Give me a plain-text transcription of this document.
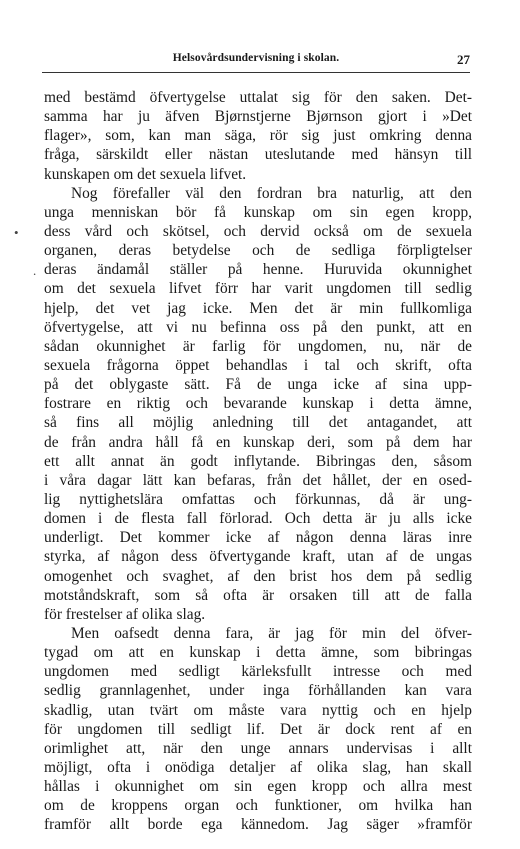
Helsovårdsundervisning i skolan.	27
•
.
med bestämd öfvertygelse uttalat sig för den saken. Det-
samma har ju äfven Bjørnstjerne Bjørnson gjort i »Det
flager», som, kan man säga, rör sig just omkring denna
fråga, särskildt eller nästan uteslutande med hänsyn till
kunskapen om det sexuela lifvet.
Nog förefaller väl den fordran bra naturlig, att den
unga menniskan bör få kunskap om sin egen kropp,
dess vård och skötsel, och dervid också om de sexuela
organen, deras betydelse och de sedliga förpligtelser
deras ändamål ställer på henne. Huruvida okunnighet
om det sexuela lifvet förr har varit ungdomen till sedlig
hjelp, det vet jag icke. Men det är min fullkomliga
öfvertygelse, att vi nu befinna oss på den punkt, att en
sådan okunnighet är farlig för ungdomen, nu, när de
sexuela frågorna öppet behandlas i tal och skrift, ofta
på det oblygaste sätt. Få de unga icke af sina upp-
fostrare en riktig och bevarande kunskap i detta ämne,
så fins all möjlig anledning till det antagandet, att
de från andra håll få en kunskap deri, som på dem har
ett allt annat än godt inflytande. Bibringas den, såsom
i våra dagar lätt kan befaras, från det hållet, der en osed-
lig nyttighetslära omfattas och förkunnas, då är ung-
domen i de flesta fall förlorad. Och detta är ju alls icke
underligt. Det kommer icke af någon denna läras inre
styrka, af någon dess öfvertygande kraft, utan af de ungas
omogenhet och svaghet, af den brist hos dem på sedlig
motståndskraft, som så ofta är orsaken till att de falla
för frestelser af olika slag.
Men oafsedt denna fara, är jag för min del öfver-
tygad om att en kunskap i detta ämne, som bibringas
ungdomen med sedligt kärleksfullt intresse och med
sedlig grannlagenhet, under inga förhållanden kan vara
skadlig, utan tvärt om måste vara nyttig och en hjelp
för ungdomen till sedligt lif. Det är dock rent af en
orimlighet att, när den unge annars undervisas i allt
möjligt, ofta i onödiga detaljer af olika slag, han skall
hållas i okunnighet om sin egen kropp och allra mest
om de kroppens organ och funktioner, om hvilka han
framför allt borde ega kännedom. Jag säger »framför
